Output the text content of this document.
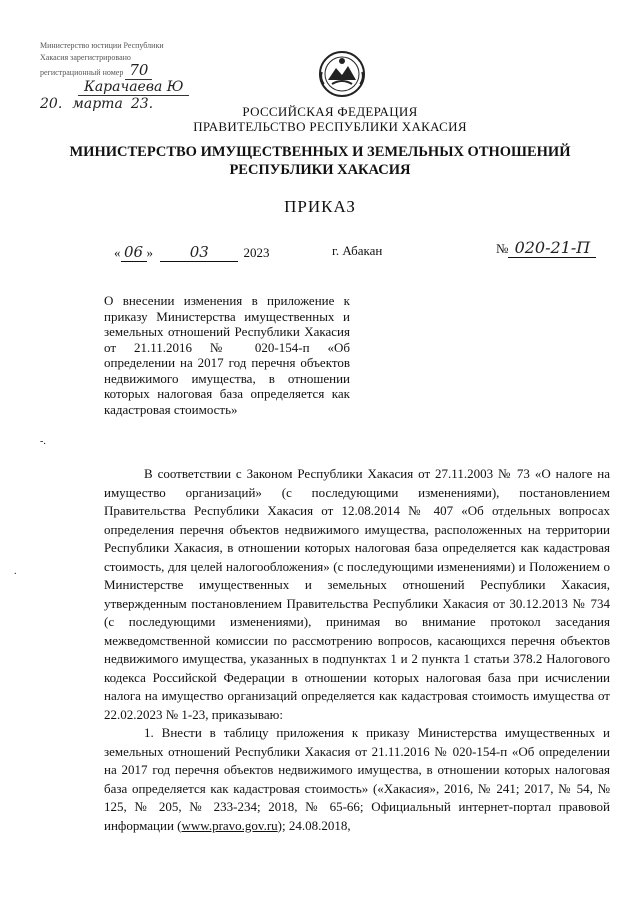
Министерство юстиции Республики
Хакасия зарегистрировано
регистрационный номер 70
Карачаева Ю
20. марта 23.	РОССИЙСКАЯ ФЕДЕРАЦИЯ
ПРАВИТЕЛЬСТВО РЕСПУБЛИКИ ХАКАСИЯ
МИНИСТЕРСТВО ИМУЩЕСТВЕННЫХ И ЗЕМЕЛЬНЫХ ОТНОШЕНИЙ
РЕСПУБЛИКИ ХАКАСИЯ
ПРИКАЗ
« 06 » 03	2023	г. Абакан	№ 020-21-П
О внесении изменения в приложение к приказу Министерства имущественных и земельных отношений Республики Хакасия от 21.11.2016 № 020-154-п «Об определении на 2017 год перечня объектов недвижимого имущества, в отношении которых налоговая база определяется как кадастровая стоимость»
-.
.

В соответствии с Законом Республики Хакасия от 27.11.2003 № 73 «О налоге на имущество организаций» (с последующими изменениями), постановлением Правительства Республики Хакасия от 12.08.2014 № 407 «Об отдельных вопросах определения перечня объектов недвижимого имущества, расположенных на территории Республики Хакасия, в отношении которых налоговая база определяется как кадастровая стоимость, для целей налогообложения» (с последующими изменениями) и Положением о Министерстве имущественных и земельных отношений Республики Хакасия, утвержденным постановлением Правительства Республики Хакасия от 30.12.2013 № 734 (с последующими изменениями), принимая во внимание протокол заседания межведомственной комиссии по рассмотрению вопросов, касающихся перечня объектов недвижимого имущества, указанных в подпунктах 1 и 2 пункта 1 статьи 378.2 Налогового кодекса Российской Федерации в отношении которых налоговая база при исчислении налога на имущество организаций определяется как кадастровая стоимость имущества от 22.02.2023 № 1-23, приказываю:

1. Внести в таблицу приложения к приказу Министерства имущественных и земельных отношений Республики Хакасия от 21.11.2016 № 020-154-п «Об определении на 2017 год перечня объектов недвижимого имущества, в отношении которых налоговая база определяется как кадастровая стоимость» («Хакасия», 2016, № 241; 2017, № 54, № 125, № 205, № 233-234; 2018, № 65-66; Официальный интернет-портал правовой информации (www.pravo.gov.ru); 24.08.2018,
